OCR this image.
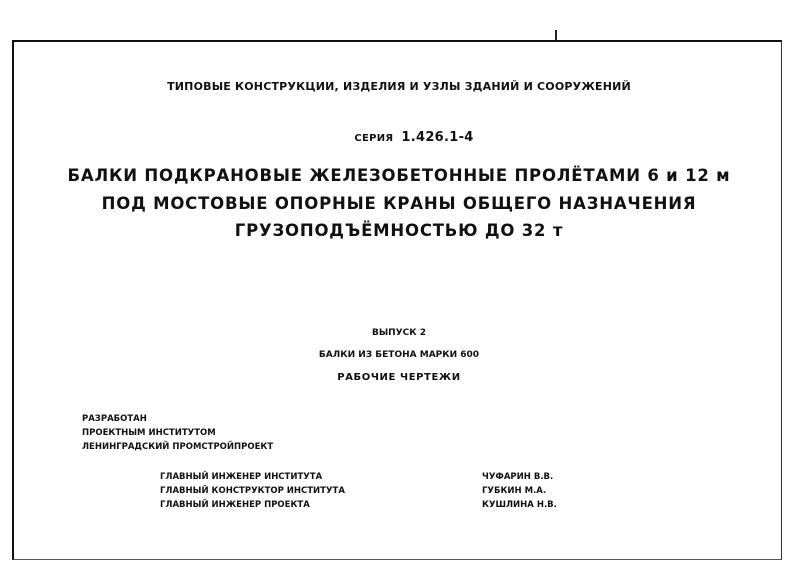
ТИПОВЫЕ КОНСТРУКЦИИ, ИЗДЕЛИЯ И УЗЛЫ ЗДАНИЙ И СООРУЖЕНИЙ
СЕРИЯ 1.426.1-4
БАЛКИ ПОДКРАНОВЫЕ ЖЕЛЕЗОБЕТОННЫЕ ПРОЛЁТАМИ 6 и 12 м
ПОД МОСТОВЫЕ ОПОРНЫЕ КРАНЫ ОБЩЕГО НАЗНАЧЕНИЯ
ГРУЗОПОДЪЁМНОСТЬЮ ДО 32 т
ВЫПУСК 2
БАЛКИ ИЗ БЕТОНА МАРКИ 600
РАБОЧИЕ ЧЕРТЕЖИ
РАЗРАБОТАН
ПРОЕКТНЫМ ИНСТИТУТОМ
ЛЕНИНГРАДСКИЙ ПРОМСТРОЙПРОЕКТ
ГЛАВНЫЙ ИНЖЕНЕР ИНСТИТУТА
ГЛАВНЫЙ КОНСТРУКТОР ИНСТИТУТА
ГЛАВНЫЙ ИНЖЕНЕР ПРОЕКТА
ЧУФАРИН В.В.
ГУБКИН М.А.
КУШЛИНА Н.В.
